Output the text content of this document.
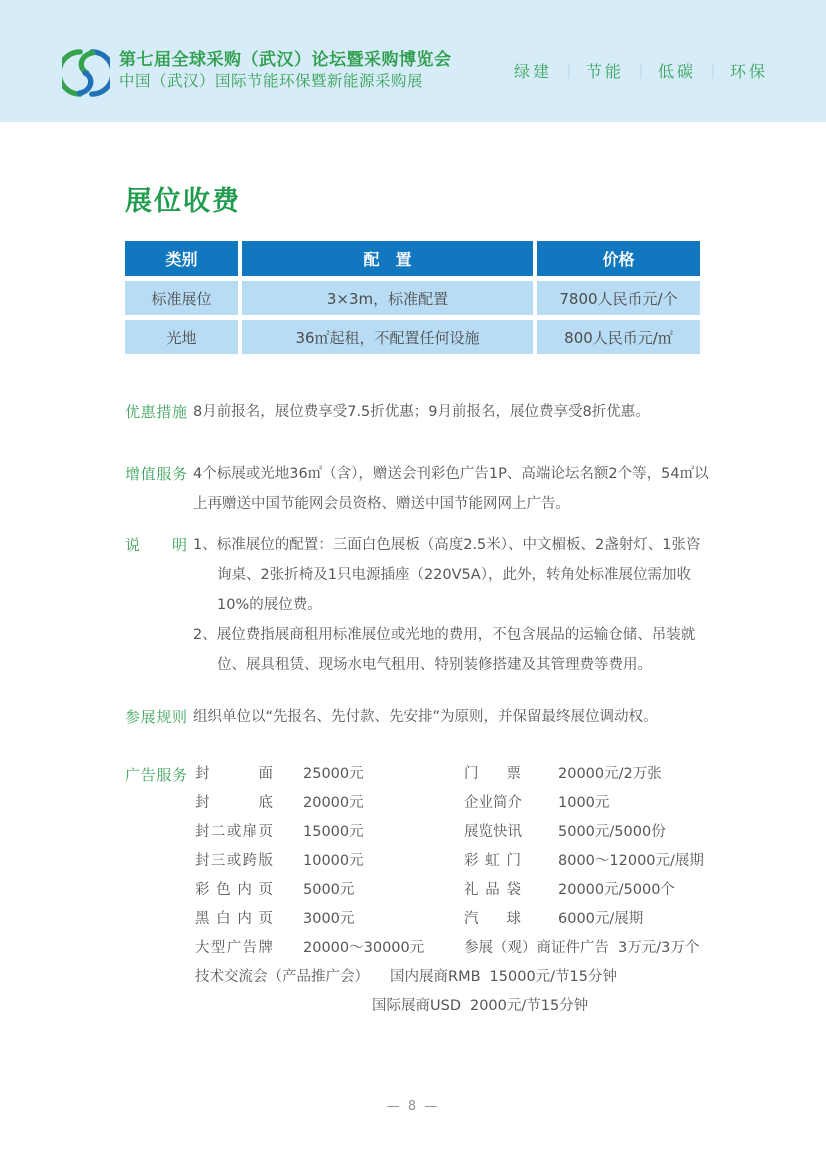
第七届全球采购（武汉）论坛暨采购博览会
中国（武汉）国际节能环保暨新能源采购展	绿建 ｜ 节能 ｜ 低碳 ｜ 环保
展位收费
类别	配　置	价格
标准展位	3×3m，标准配置	7800人民币元/个
光地	36㎡起租，不配置任何设施	800人民币元/㎡
优惠措施 8月前报名，展位费享受7.5折优惠；9月前报名，展位费享受8折优惠。
增值服务 4个标展或光地36㎡（含），赠送会刊彩色广告1P、高端论坛名额2个等，54㎡以上再赠送中国节能网会员资格、赠送中国节能网网上广告。
说明 1、标准展位的配置：三面白色展板（高度2.5米）、中文楣板、2盏射灯、1张咨询桌、2张折椅及1只电源插座（220V5A），此外，转角处标准展位需加收10%的展位费。
2、展位费指展商租用标准展位或光地的费用，不包含展品的运输仓储、吊装就位、展具租赁、现场水电气租用、特别装修搭建及其管理费等费用。
参展规则 组织单位以“先报名、先付款、先安排”为原则，并保留最终展位调动权。
广告服务 封面 25000元	门票	20000元/2万张
封底 20000元	企业简介 1000元
封二或扉页 15000元	展览快讯 5000元/5000份
封三或跨版 10000元	彩虹门	8000～12000元/展期
彩色内页 5000元	礼品袋	20000元/5000个
黑白内页 3000元	汽球	6000元/展期
大型广告牌 20000～30000元	参展（观）商证件广告 3万元/3万个
技术交流会（产品推广会） 国内展商RMB 15000元/节15分钟
国际展商USD 2000元/节15分钟
— 8 —
